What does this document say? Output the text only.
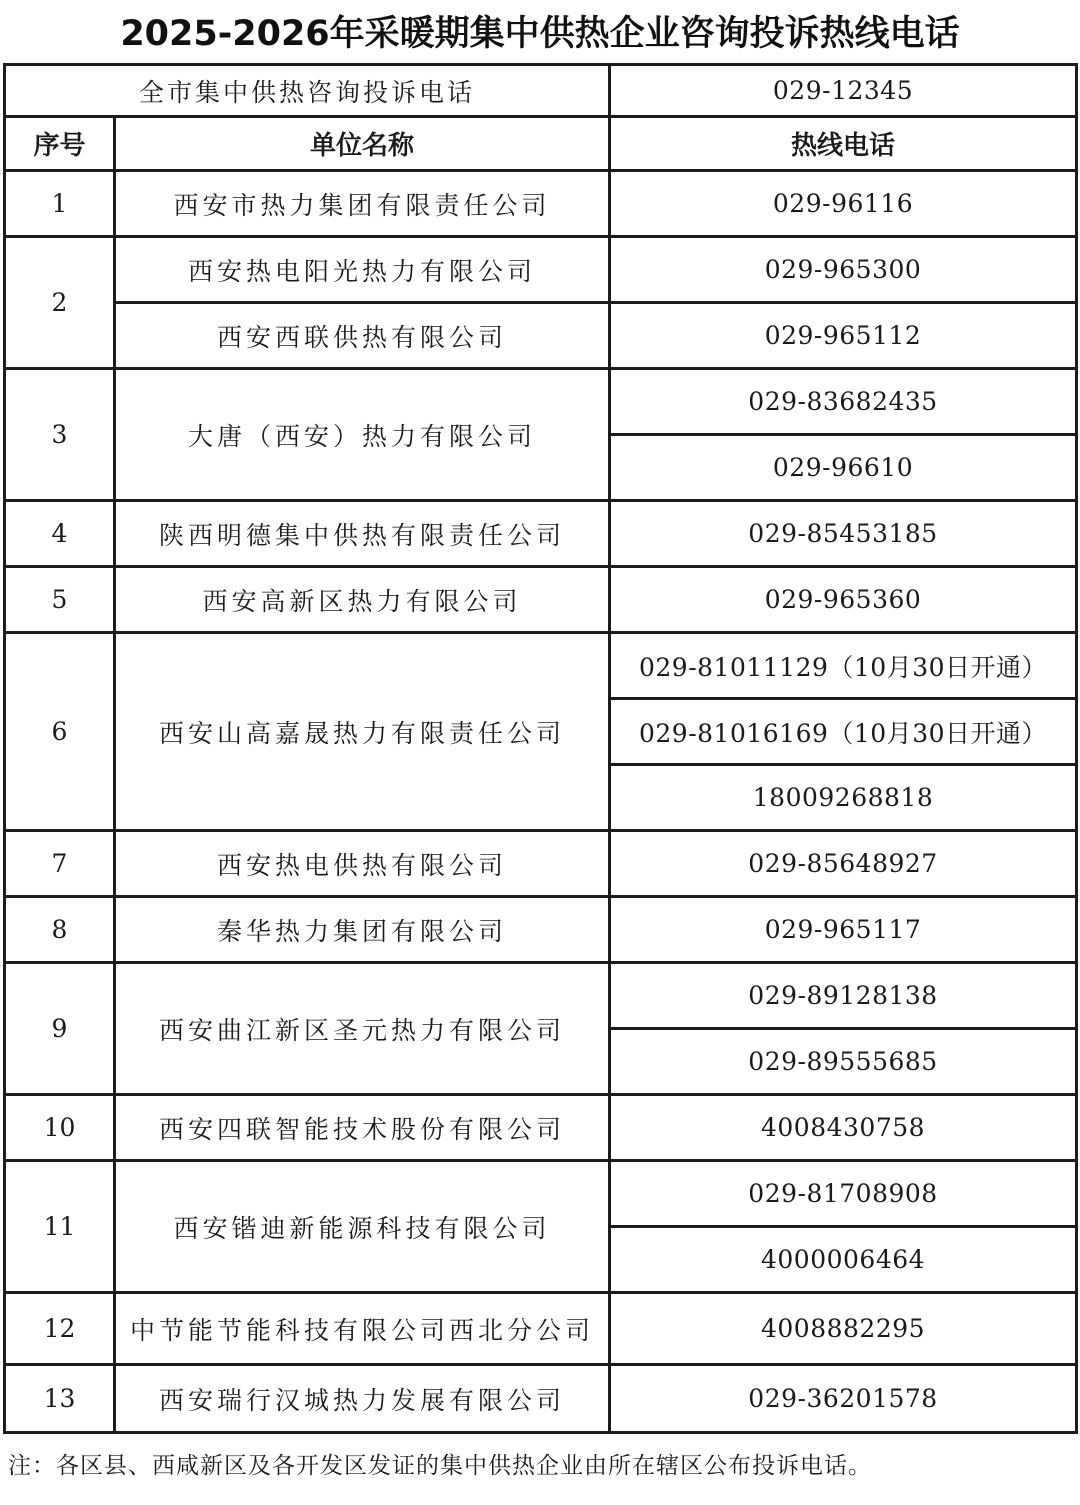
2025-2026年采暖期集中供热企业咨询投诉热线电话
全市集中供热咨询投诉电话		029-12345
序号	单位名称	热线电话
1	西安市热力集团有限责任公司	029-96116
2	西安热电阳光热力有限公司	029-965300
	西安西联供热有限公司	029-965112
3	大唐（西安）热力有限公司	029-83682435
		029-96610
4	陕西明德集中供热有限责任公司	029-85453185
5	西安高新区热力有限公司	029-965360
6	西安山高嘉晟热力有限责任公司	029-81011129（10月30日开通）
		029-81016169（10月30日开通）
		18009268818
7	西安热电供热有限公司	029-85648927
8	秦华热力集团有限公司	029-965117
9	西安曲江新区圣元热力有限公司	029-89128138
		029-89555685
10	西安四联智能技术股份有限公司	4008430758
11	西安锴迪新能源科技有限公司	029-81708908
		4000006464
12	中节能节能科技有限公司西北分公司	4008882295
13	西安瑞行汉城热力发展有限公司	029-36201578
注：各区县、西咸新区及各开发区发证的集中供热企业由所在辖区公布投诉电话。
